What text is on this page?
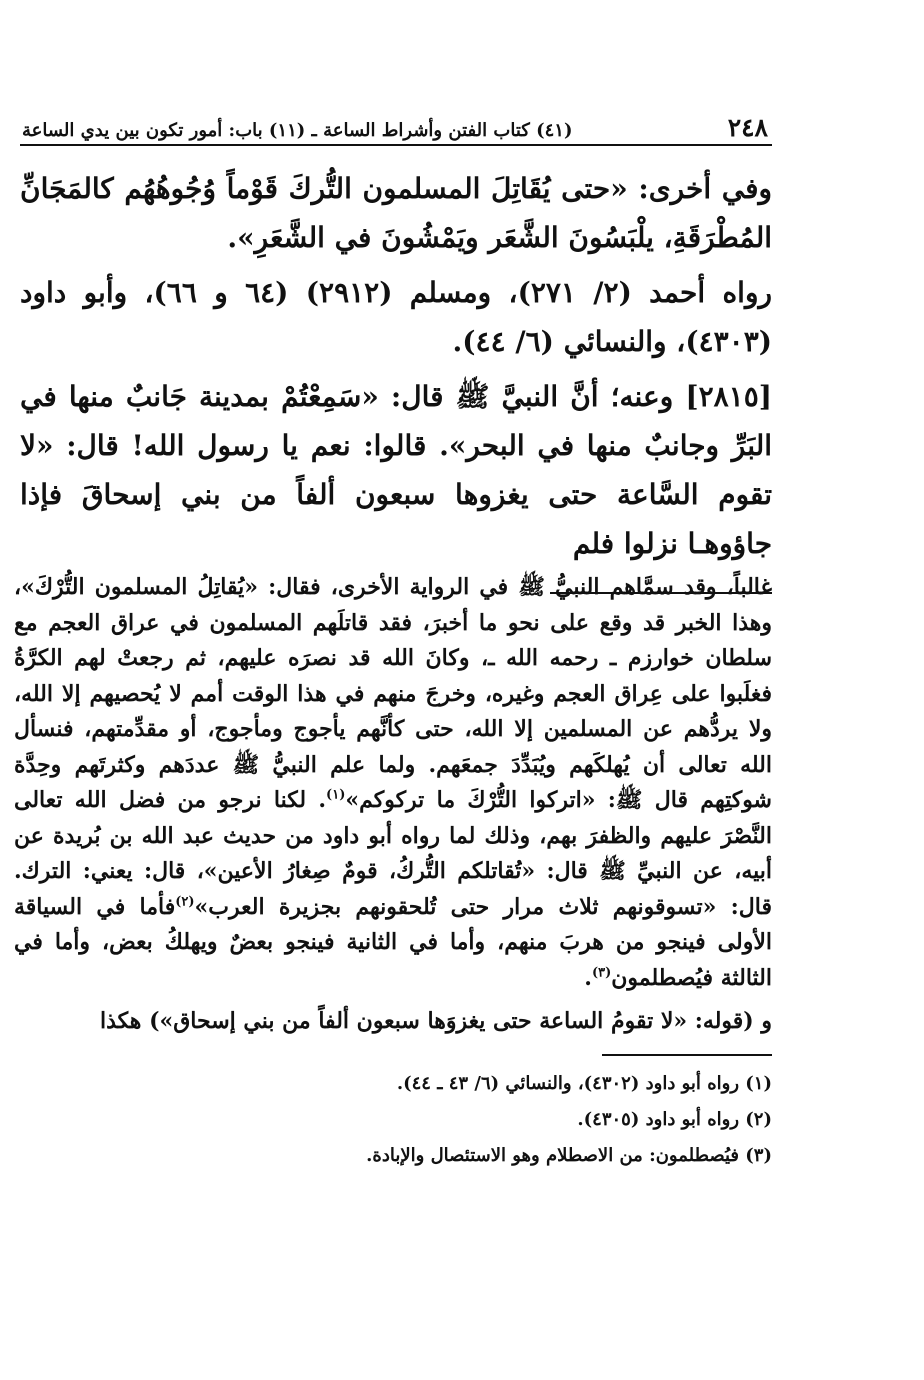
٢٤٨
(٤١) كتاب الفتن وأشراط الساعة ـ (١١) باب: أمور تكون بين يدي الساعة

وفي أخرى: «حتى يُقَاتِلَ المسلمون التُّركَ قَوْماً وُجُوهُهُم كالمَجَانِّ المُطْرَقَةِ، يلْبَسُونَ الشَّعَر ويَمْشُونَ في الشَّعَرِ».

رواه أحمد (٢/ ٢٧١)، ومسلم (٢٩١٢) (٦٤ و ٦٦)، وأبو داود (٤٣٠٣)، والنسائي (٦/ ٤٤).

[٢٨١٥] وعنه؛ أنَّ النبيَّ ﷺ قال: «سَمِعْتُمْ بمدينة جَانبٌ منها في البَرِّ وجانبٌ منها في البحر». قالوا: نعم يا رسول الله! قال: «لا تقوم السَّاعة حتى يغزوها سبعون ألفاً من بني إسحاقَ فإذا جاؤوهـا نزلوا فلم

غالباً، وقد سمَّاهم النبيُّ ﷺ في الرواية الأخرى، فقال: «يُقاتِلُ المسلمون التُّرْكَ»، وهذا الخبر قد وقع على نحو ما أخبرَ، فقد قاتلَهم المسلمون في عراق العجم مع سلطان خوارزم ـ رحمه الله ـ، وكانَ الله قد نصرَه عليهم، ثم رجعتْ لهم الكرَّةُ فغلَبوا على عِراق العجم وغيره، وخرجَ منهم في هذا الوقت أمم لا يُحصيهم إلا الله، ولا يردُّهم عن المسلمين إلا الله، حتى كأنَّهم يأجوج ومأجوج، أو مقدِّمتهم، فنسأل الله تعالى أن يُهلكَهم ويُبَدِّدَ جمعَهم. ولما علم النبيُّ ﷺ عددَهم وكثرتَهم وحِدَّة شوكتِهم قال ﷺ: «اتركوا التُّرْكَ ما تركوكم»$^{(١)}$. لكنا نرجو من فضل الله تعالى النَّصْرَ عليهم والظفرَ بهم، وذلك لما رواه أبو داود من حديث عبد الله بن بُريدة عن أبيه، عن النبيِّ ﷺ قال: «تُقاتلكم التُّركُ، قومٌ صِغارُ الأعين»، قال: يعني: الترك. قال: «تسوقونهم ثلاث مرار حتى تُلحقونهم بجزيرة العرب»$^{(٢)}$فأما في السياقة الأولى فينجو من هربَ منهم، وأما في الثانية فينجو بعضٌ ويهلكُ بعض، وأما في الثالثة فيُصطلمون$^{(٣)}$.

و (قوله: «لا تقومُ الساعة حتى يغزوَها سبعون ألفاً من بني إسحاق») هكذا

(١) رواه أبو داود (٤٣٠٢)، والنسائي (٦/ ٤٣ ـ ٤٤).

(٢) رواه أبو داود (٤٣٠٥).

(٣) فيُصطلمون: من الاصطلام وهو الاستئصال والإبادة.
